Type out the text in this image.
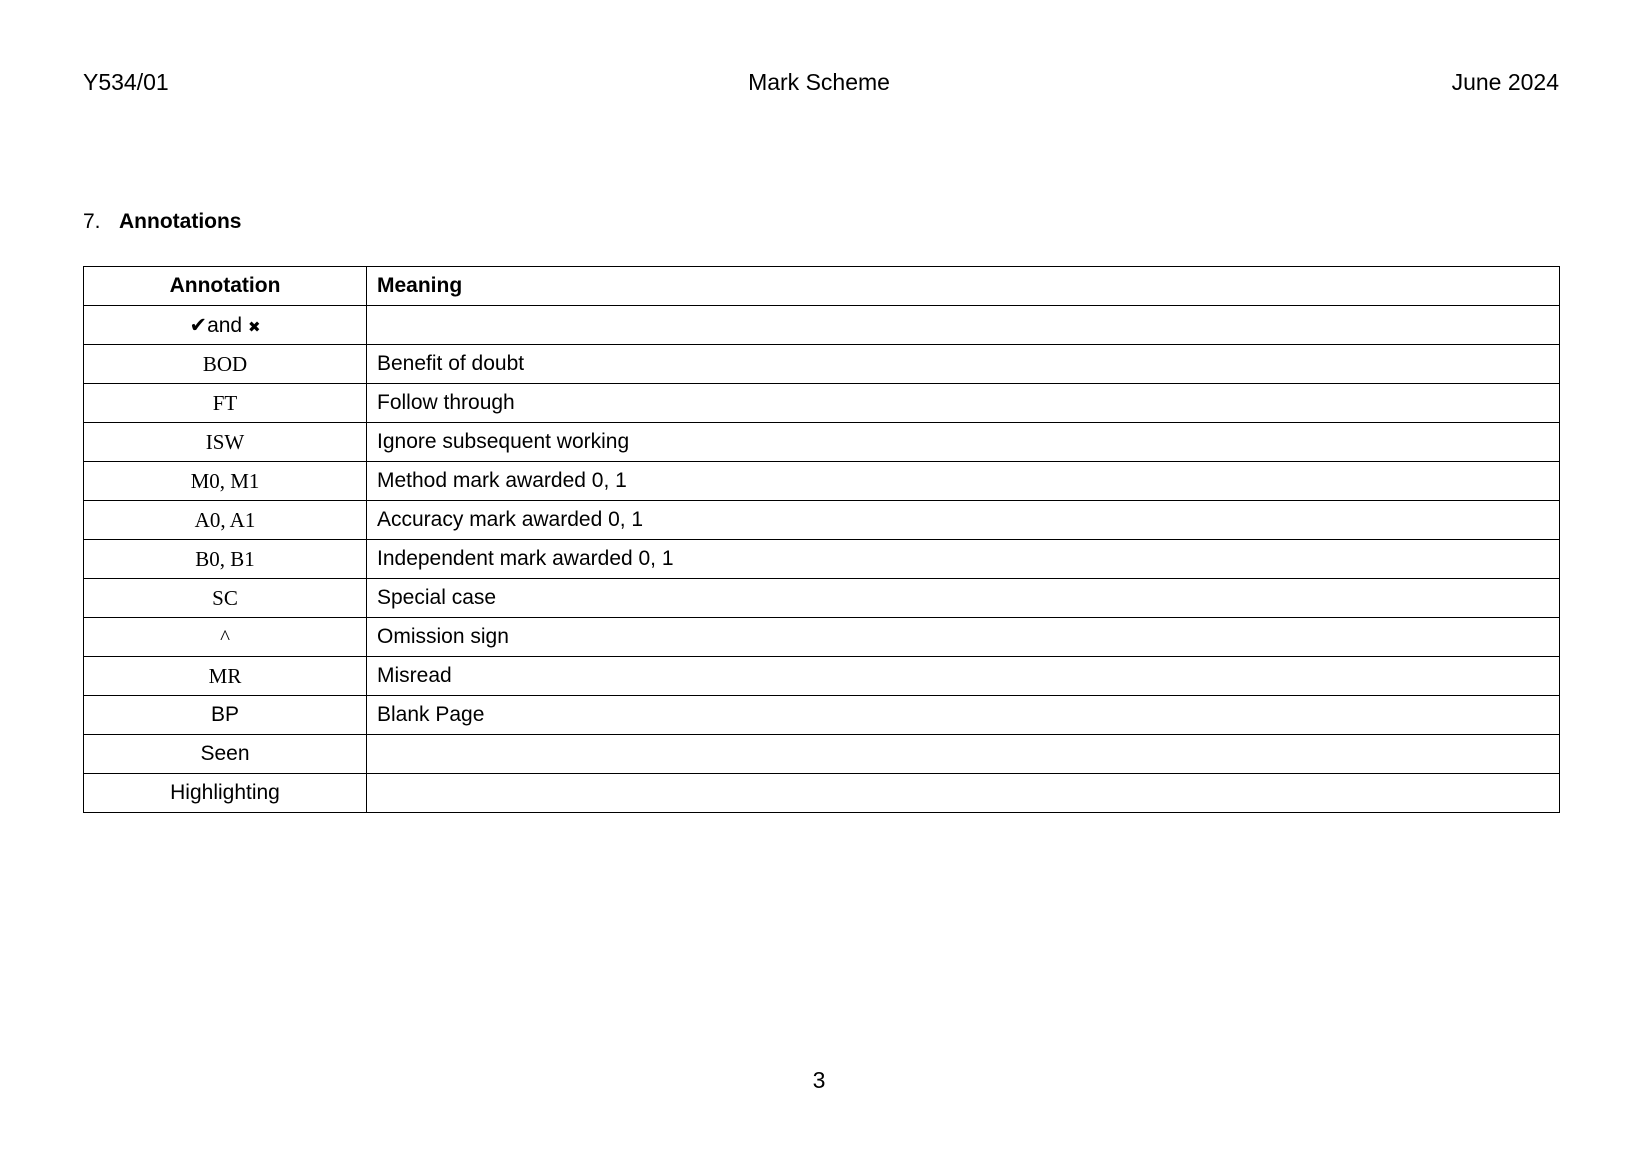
Y534/01	Mark Scheme	June 2024
7. Annotations
Annotation	Meaning
✔and ✖	
BOD	Benefit of doubt
FT	Follow through
ISW	Ignore subsequent working
M0, M1	Method mark awarded 0, 1
A0, A1	Accuracy mark awarded 0, 1
B0, B1	Independent mark awarded 0, 1
SC	Special case
^	Omission sign
MR	Misread
BP	Blank Page
Seen	
Highlighting	
3
